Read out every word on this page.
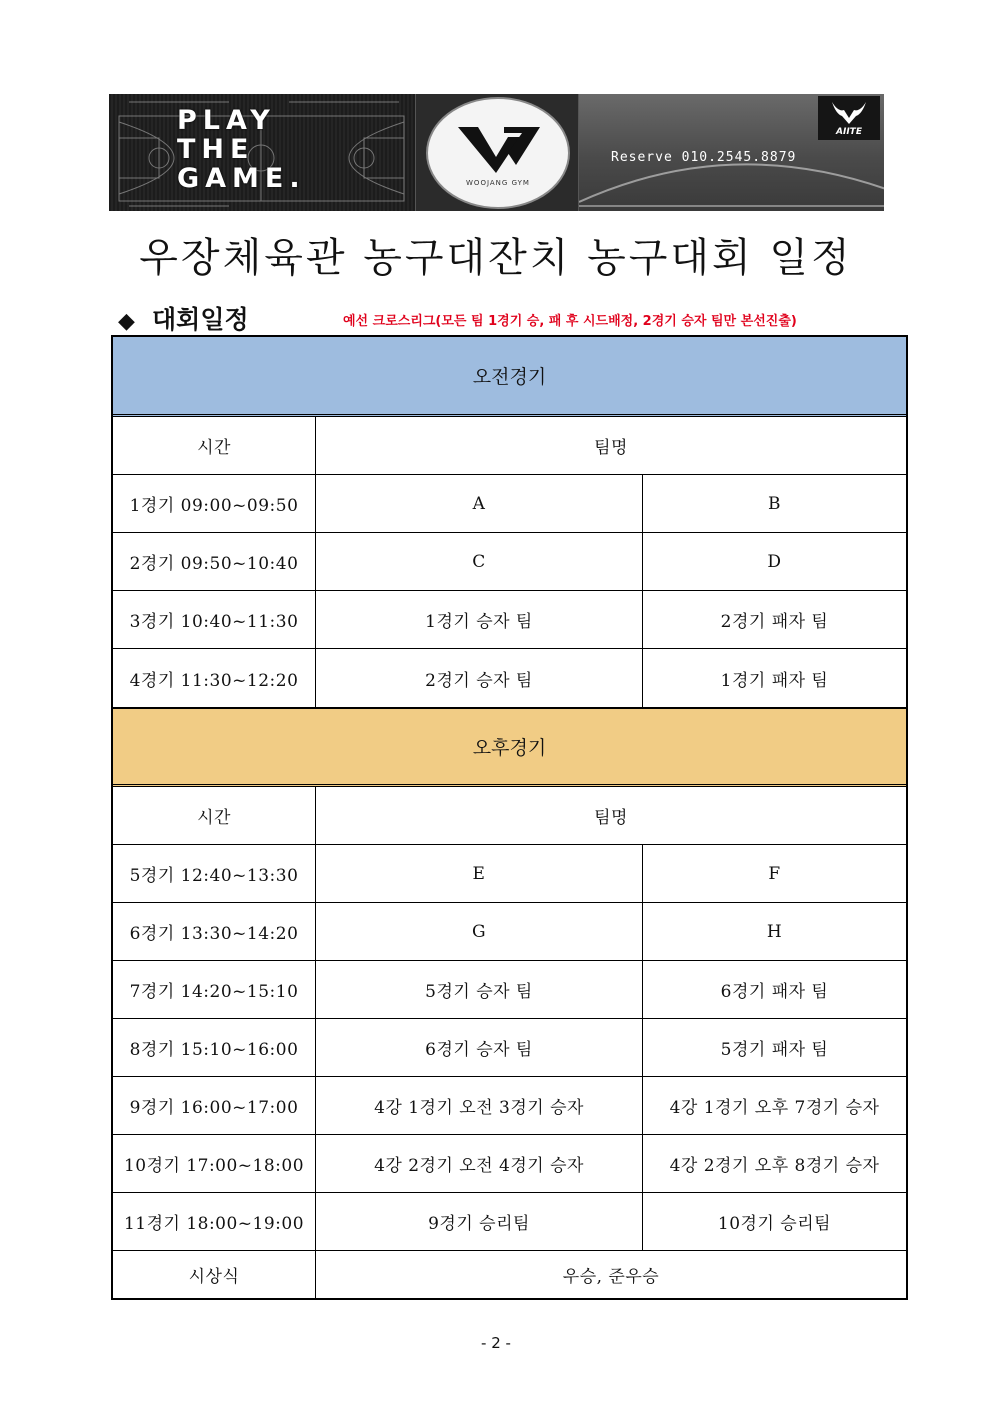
PLAY
THE
GAME.	WOOJANG GYM
Reserve 010.2545.8879
AIITE
우장체육관 농구대잔치 농구대회 일정
◆ 대회일정	예선 크로스리그(모든 팀 1경기 승, 패 후 시드배정, 2경기 승자 팀만 본선진출)
오전경기
시간	팀명
1경기 09:00~09:50	A	B
2경기 09:50~10:40	C	D
3경기 10:40~11:30	1경기 승자 팀	2경기 패자 팀
4경기 11:30~12:20	2경기 승자 팀	1경기 패자 팀
오후경기
시간	팀명
5경기 12:40~13:30	E	F
6경기 13:30~14:20	G	H
7경기 14:20~15:10	5경기 승자 팀	6경기 패자 팀
8경기 15:10~16:00	6경기 승자 팀	5경기 패자 팀
9경기 16:00~17:00	4강 1경기 오전 3경기 승자	4강 1경기 오후 7경기 승자
10경기 17:00~18:00	4강 2경기 오전 4경기 승자	4강 2경기 오후 8경기 승자
11경기 18:00~19:00	9경기 승리팀	10경기 승리팀
시상식	우승, 준우승
- 2 -
